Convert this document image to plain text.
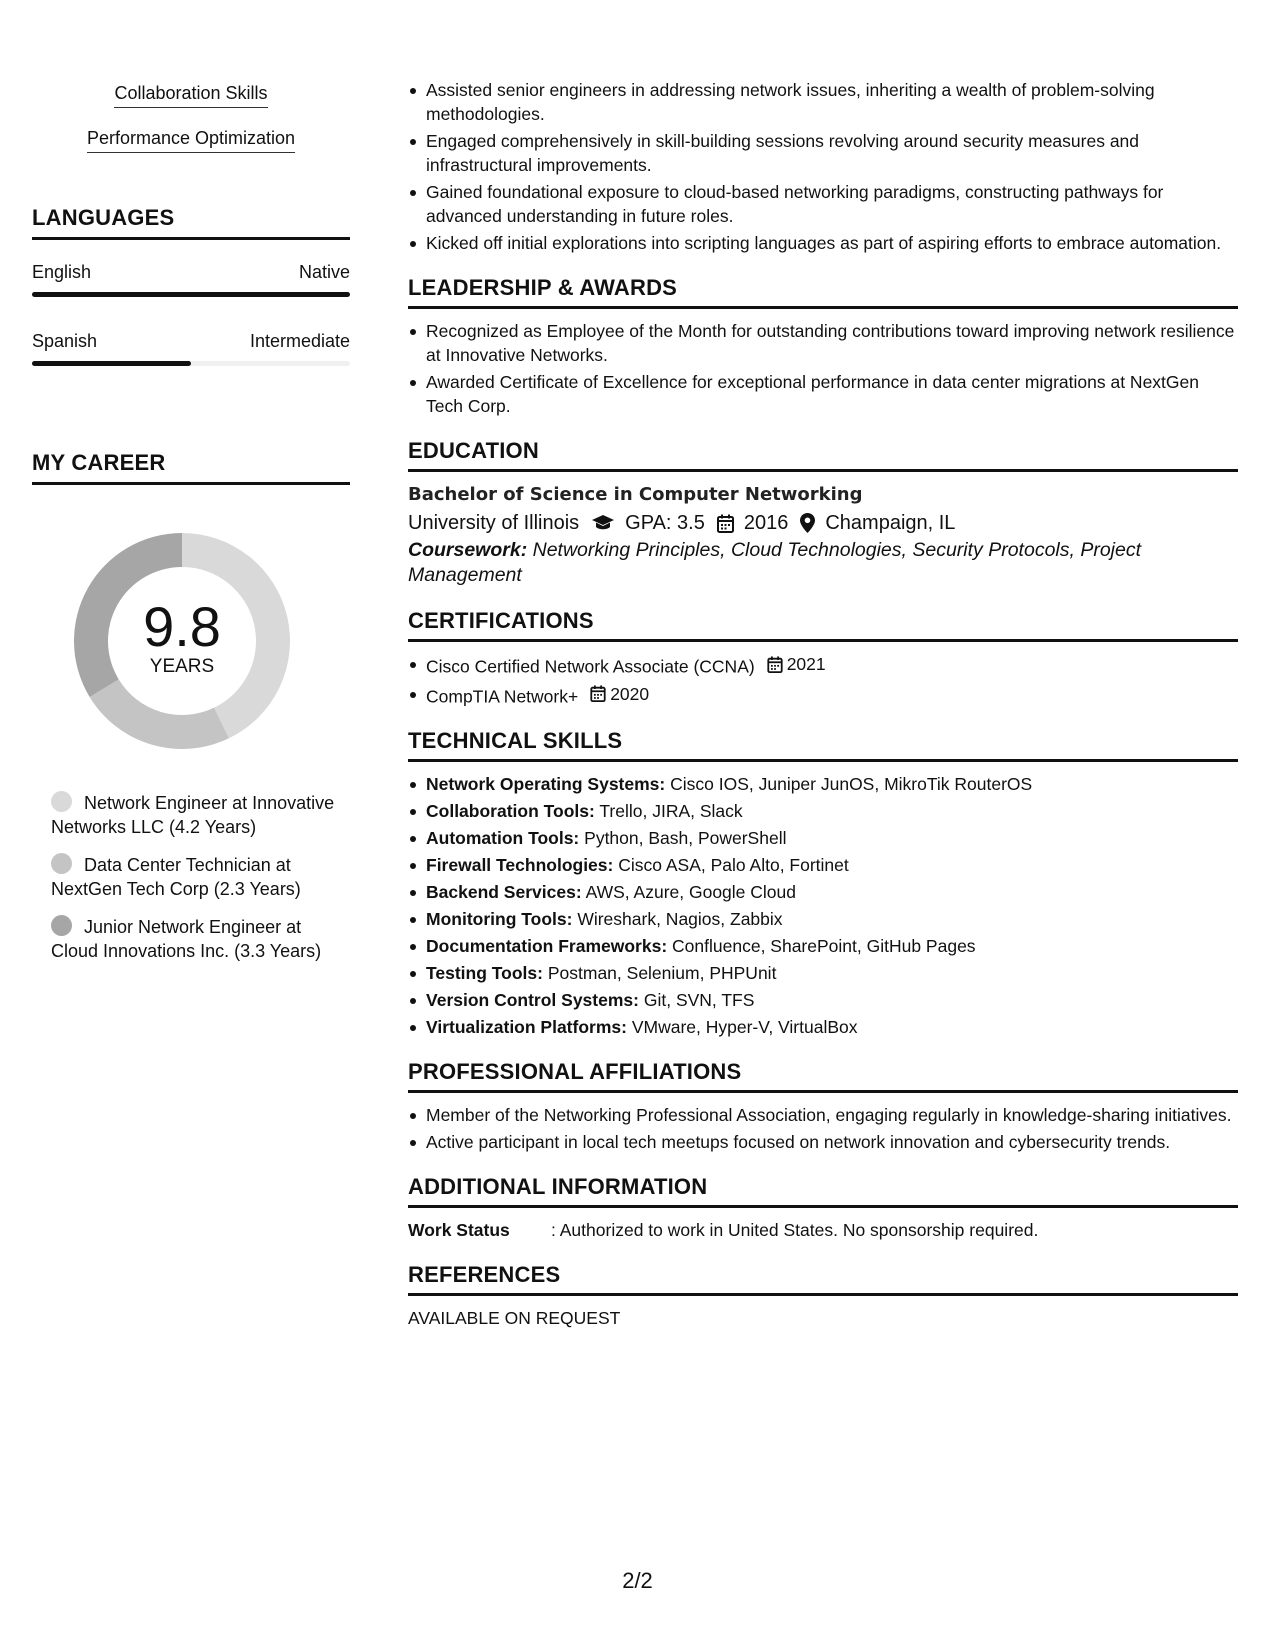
Collaboration Skills
Performance Optimization
LANGUAGES
English	Native
Spanish	Intermediate
MY CAREER
9.8
YEARS
Network Engineer at Innovative Networks LLC (4.2 Years)
Data Center Technician at NextGen Tech Corp (2.3 Years)
Junior Network Engineer at Cloud Innovations Inc. (3.3 Years)
Assisted senior engineers in addressing network issues, inheriting a wealth of problem-solving methodologies.
Engaged comprehensively in skill-building sessions revolving around security measures and infrastructural improvements.
Gained foundational exposure to cloud-based networking paradigms, constructing pathways for advanced understanding in future roles.
Kicked off initial explorations into scripting languages as part of aspiring efforts to embrace automation.
LEADERSHIP & AWARDS
Recognized as Employee of the Month for outstanding contributions toward improving network resilience at Innovative Networks.
Awarded Certificate of Excellence for exceptional performance in data center migrations at NextGen Tech Corp.
EDUCATION
Bachelor of Science in Computer Networking
University of Illinois GPA: 3.5 2016 Champaign, IL
Coursework: Networking Principles, Cloud Technologies, Security Protocols, Project Management
CERTIFICATIONS
Cisco Certified Network Associate (CCNA) 2021
CompTIA Network+ 2020
TECHNICAL SKILLS
Network Operating Systems: Cisco IOS, Juniper JunOS, MikroTik RouterOS
Collaboration Tools: Trello, JIRA, Slack
Automation Tools: Python, Bash, PowerShell
Firewall Technologies: Cisco ASA, Palo Alto, Fortinet
Backend Services: AWS, Azure, Google Cloud
Monitoring Tools: Wireshark, Nagios, Zabbix
Documentation Frameworks: Confluence, SharePoint, GitHub Pages
Testing Tools: Postman, Selenium, PHPUnit
Version Control Systems: Git, SVN, TFS
Virtualization Platforms: VMware, Hyper-V, VirtualBox
PROFESSIONAL AFFILIATIONS
Member of the Networking Professional Association, engaging regularly in knowledge-sharing initiatives.
Active participant in local tech meetups focused on network innovation and cybersecurity trends.
ADDITIONAL INFORMATION
Work Status	: Authorized to work in United States. No sponsorship required.
REFERENCES
AVAILABLE ON REQUEST
2/2
